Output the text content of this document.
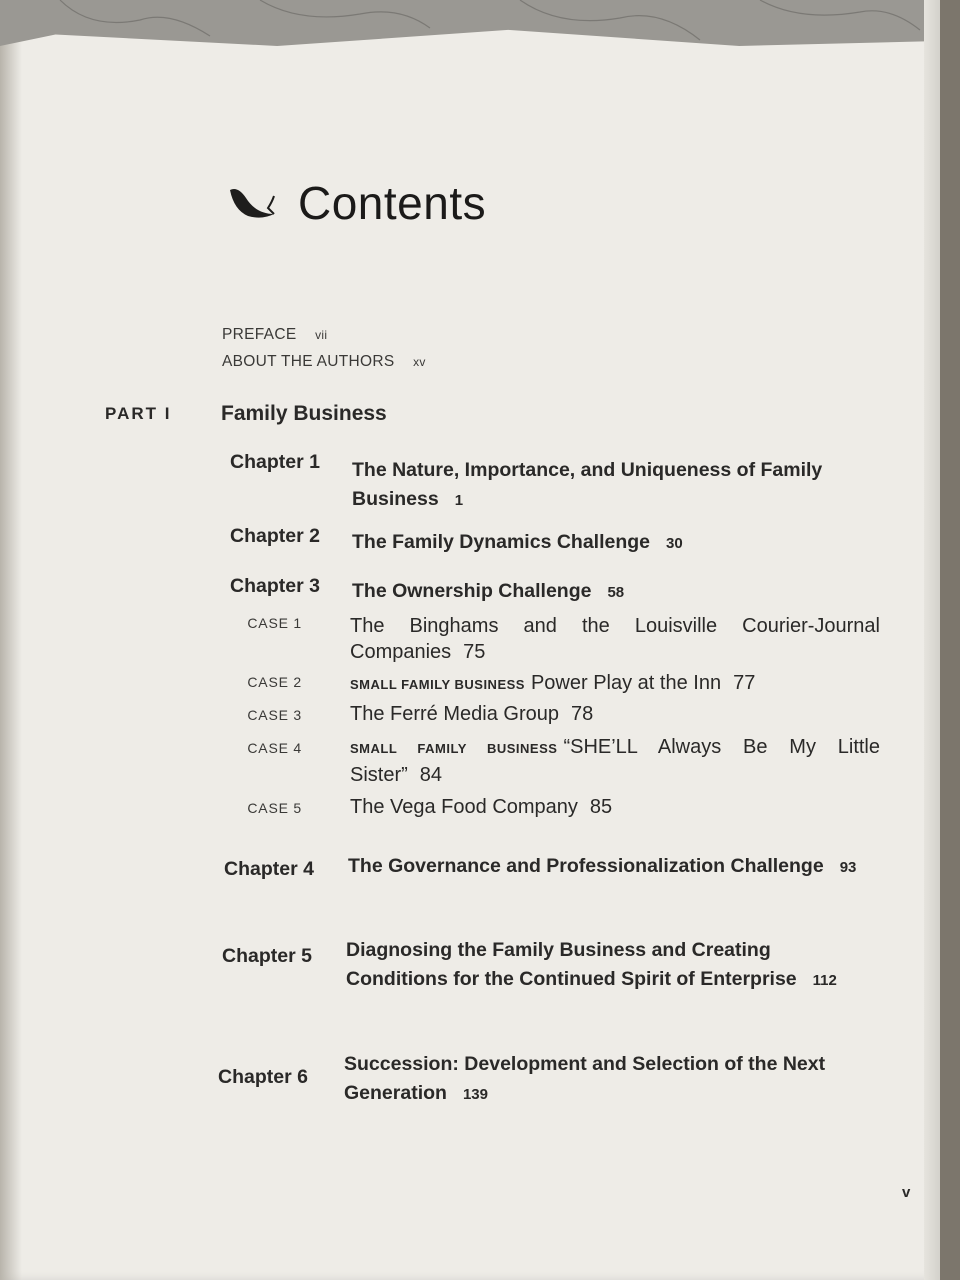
Contents
PREFACE vii
ABOUT THE AUTHORS xv
PART I Family Business
Chapter 1 The Nature, Importance, and Uniqueness of Family Business 1
Chapter 2 The Family Dynamics Challenge 30
Chapter 3 The Ownership Challenge 58
CASE 1 The Binghams and the Louisville Courier-Journal Companies 75
CASE 2	SMALL FAMILY BUSINESS Power Play at the Inn 77
CASE 3 The Ferré Media Group 78
CASE 4	SMALL FAMILY BUSINESS “SHE’LL Always Be My Little Sister” 84
CASE 5 The Vega Food Company 85
Chapter 4 The Governance and Professionalization Challenge 93
Chapter 5 Diagnosing the Family Business and Creating Conditions for the Continued Spirit of Enterprise 112
Chapter 6
Succession: Development and Selection of the Next Generation 139
v
